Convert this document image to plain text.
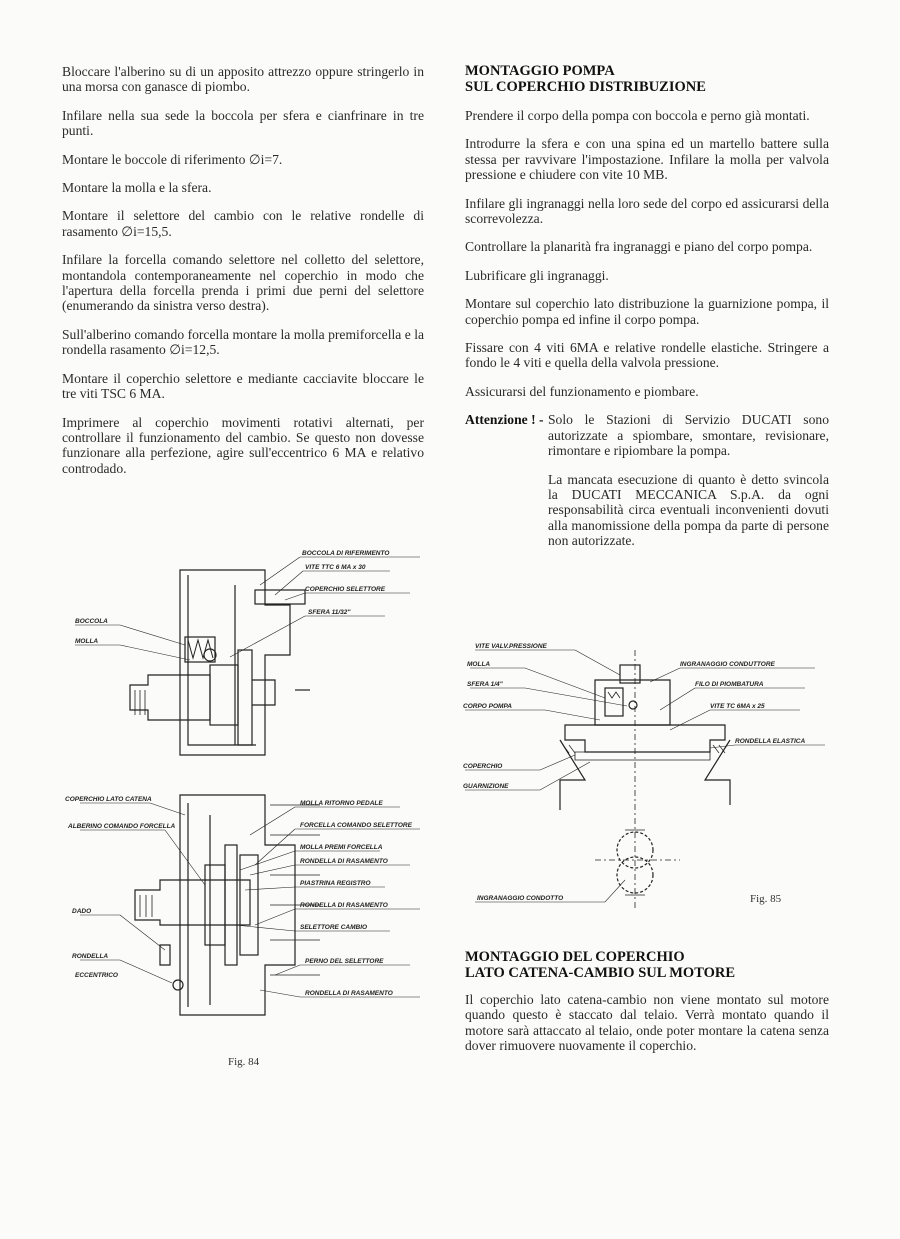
Bloccare l'alberino su di un apposito attrezzo oppure stringerlo in una morsa con ganasce di piombo.

Infilare nella sua sede la boccola per sfera e cianfrinare in tre punti.

Montare le boccole di riferimento ∅i=7.

Montare la molla e la sfera.

Montare il selettore del cambio con le relative rondelle di rasamento ∅i=15,5.

Infilare la forcella comando selettore nel colletto del selettore, montandola contemporaneamente nel coperchio in modo che l'apertura della forcella prenda i primi due perni del selettore (enumerando da sinistra verso destra).

Sull'alberino comando forcella montare la molla premiforcella e la rondella rasamento ∅i=12,5.

Montare il coperchio selettore e mediante cacciavite bloccare le tre viti TSC 6 MA.

Imprimere al coperchio movimenti rotativi alternati, per controllare il funzionamento del cambio. Se questo non dovesse funzionare alla perfezione, agire sull'eccentrico 6 MA e relativo controdado.

MONTAGGIO POMPA
SUL COPERCHIO DISTRIBUZIONE

Prendere il corpo della pompa con boccola e perno già montati.

Introdurre la sfera e con una spina ed un martello battere sulla stessa per ravvivare l'impostazione. Infilare la molla per valvola pressione e chiudere con vite 10 MB.

Infilare gli ingranaggi nella loro sede del corpo ed assicurarsi della scorrevolezza.

Controllare la planarità fra ingranaggi e piano del corpo pompa.

Lubrificare gli ingranaggi.

Montare sul coperchio lato distribuzione la guarnizione pompa, il coperchio pompa ed infine il corpo pompa.

Fissare con 4 viti 6MA e relative rondelle elastiche. Stringere a fondo le 4 viti e quella della valvola pressione.

Assicurarsi del funzionamento e piombare.

Attenzione ! - Solo le Stazioni di Servizio DUCATI sono autorizzate a spiombare, smontare, revisionare, rimontare e ripiombare la pompa.

La mancata esecuzione di quanto è detto svincola la DUCATI MECCANICA S.p.A. da ogni responsabilità circa eventuali inconvenienti dovuti alla manomissione della pompa da parte di persone non autorizzate.

BOCCOLA DI RIFERIMENTO
VITE TTC 6 MA x 30
COPERCHIO SELETTORE
SFERA 11/32"
BOCCOLA
MOLLA
COPERCHIO LATO CATENA
ALBERINO COMANDO FORCELLA
DADO
RONDELLA
ECCENTRICO
MOLLA RITORNO PEDALE
FORCELLA COMANDO SELETTORE
MOLLA PREMI FORCELLA
RONDELLA DI RASAMENTO
PIASTRINA REGISTRO
RONDELLA DI RASAMENTO
SELETTORE CAMBIO
PERNO DEL SELETTORE
RONDELLA DI RASAMENTO
Fig. 84
VITE VALV.PRESSIONE
MOLLA
SFERA 1/4"
CORPO POMPA
COPERCHIO
GUARNIZIONE
INGRANAGGIO CONDUTTORE
FILO DI PIOMBATURA
VITE TC 6MA x 25
RONDELLA ELASTICA
INGRANAGGIO CONDOTTO	Fig. 85
MONTAGGIO DEL COPERCHIO
LATO CATENA-CAMBIO SUL MOTORE

Il coperchio lato catena-cambio non viene montato sul motore quando questo è staccato dal telaio. Verrà montato quando il motore sarà attaccato al telaio, onde poter montare la catena senza dover rimuovere nuovamente il coperchio.
